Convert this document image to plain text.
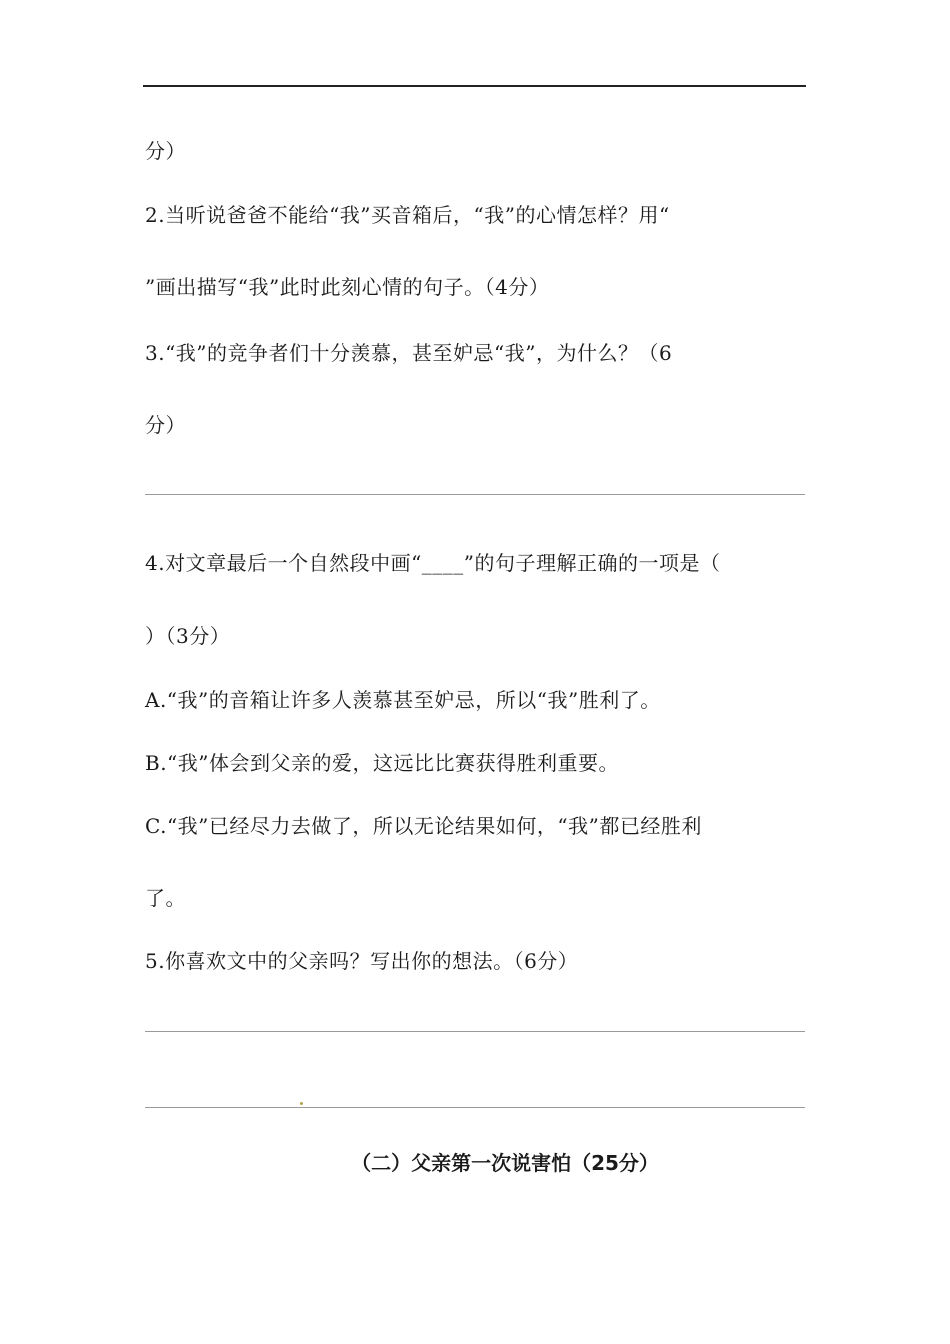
分）
2.当听说爸爸不能给“我”买音箱后，“我”的心情怎样？用“
”画出描写“我”此时此刻心情的句子。（4分）
3.“我”的竞争者们十分羡慕，甚至妒忌“我”，为什么？（6
分）
4.对文章最后一个自然段中画“____”的句子理解正确的一项是（
）（3分）
A.“我”的音箱让许多人羡慕甚至妒忌，所以“我”胜利了。
B.“我”体会到父亲的爱，这远比比赛获得胜利重要。
C.“我”已经尽力去做了，所以无论结果如何，“我”都已经胜利
了。
5.你喜欢文中的父亲吗？写出你的想法。（6分）
（二）父亲第一次说害怕（25分）
